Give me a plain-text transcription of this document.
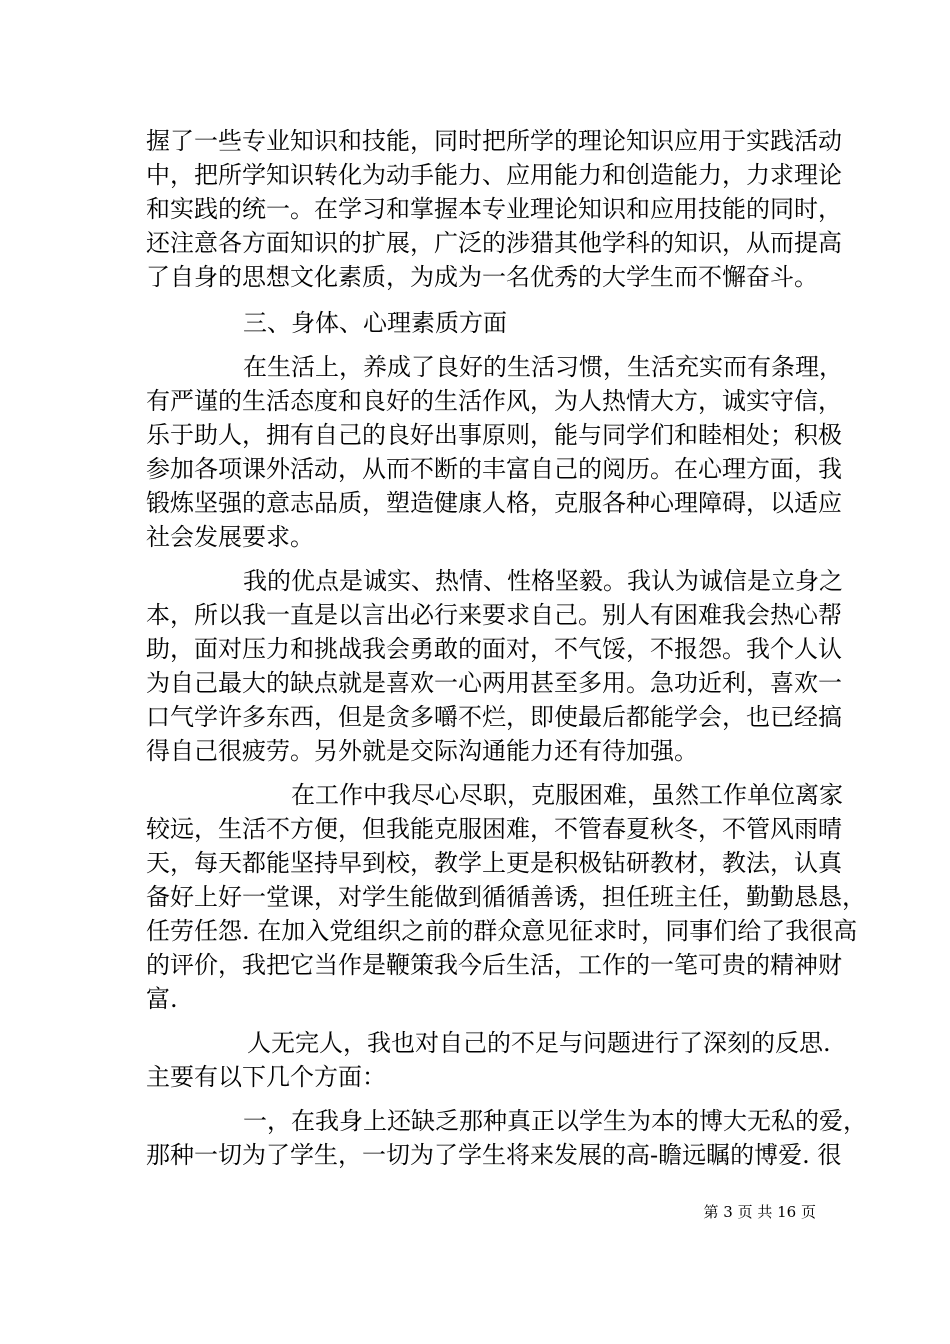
握了一些专业知识和技能，同时把所学的理论知识应用于实践活动
中，把所学知识转化为动手能力、应用能力和创造能力，力求理论
和实践的统一。在学习和掌握本专业理论知识和应用技能的同时，
还注意各方面知识的扩展，广泛的涉猎其他学科的知识，从而提高
了自身的思想文化素质，为成为一名优秀的大学生而不懈奋斗。
三、身体、心理素质方面
在生活上，养成了良好的生活习惯，生活充实而有条理，
有严谨的生活态度和良好的生活作风，为人热情大方，诚实守信，
乐于助人，拥有自己的良好出事原则，能与同学们和睦相处；积极
参加各项课外活动，从而不断的丰富自己的阅历。在心理方面，我
锻炼坚强的意志品质，塑造健康人格，克服各种心理障碍，以适应
社会发展要求。
我的优点是诚实、热情、性格坚毅。我认为诚信是立身之
本，所以我一直是以言出必行来要求自己。别人有困难我会热心帮
助，面对压力和挑战我会勇敢的面对，不气馁，不报怨。我个人认
为自己最大的缺点就是喜欢一心两用甚至多用。急功近利，喜欢一
口气学许多东西，但是贪多嚼不烂，即使最后都能学会，也已经搞
得自己很疲劳。另外就是交际沟通能力还有待加强。
在工作中我尽心尽职，克服困难，虽然工作单位离家
较远，生活不方便，但我能克服困难，不管春夏秋冬，不管风雨晴
天，每天都能坚持早到校，教学上更是积极钻研教材，教法，认真
备好上好一堂课，对学生能做到循循善诱，担任班主任，勤勤恳恳，
任劳任怨. 在加入党组织之前的群众意见征求时，同事们给了我很高
的评价，我把它当作是鞭策我今后生活，工作的一笔可贵的精神财
富.
人无完人，我也对自己的不足与问题进行了深刻的反思.
主要有以下几个方面：
一，在我身上还缺乏那种真正以学生为本的博大无私的爱，
那种一切为了学生，一切为了学生将来发展的高-瞻远瞩的博爱. 很
第 3 页 共 16 页
